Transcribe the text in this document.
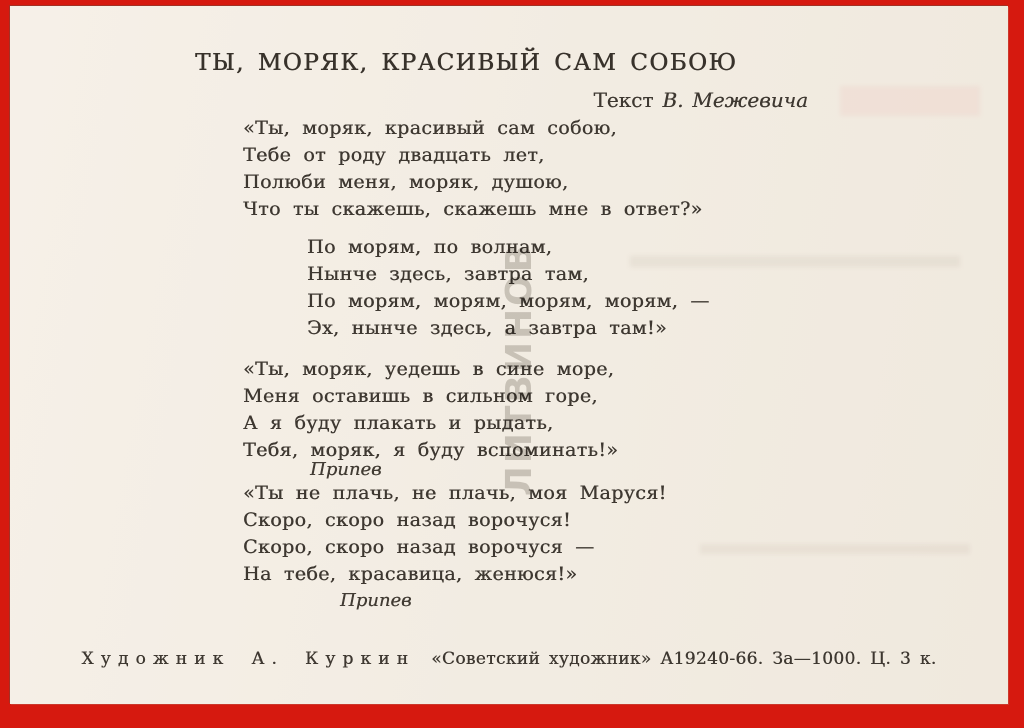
ТЫ, МОРЯК, КРАСИВЫЙ САМ СОБОЮ
Текст В. Межевича
«Ты, моряк, красивый сам собою,
Тебе от роду двадцать лет,
Полюби меня, моряк, душою,
Что ты скажешь, скажешь мне в ответ?»
По морям, по волнам,
Нынче здесь, завтра там,
По морям, морям, морям, морям, —
Эх, нынче здесь, а завтра там!»
«Ты, моряк, уедешь в сине море,
Меня оставишь в сильном горе,
А я буду плакать и рыдать,
Тебя, моряк, я буду вспоминать!»
Припев
«Ты не плачь, не плачь, моя Маруся!
Скоро, скоро назад ворочуся!
Скоро, скоро назад ворочуся —
На тебе, красавица, женюся!»
Припев
Художник А. Куркин «Советский художник» А19240-66. За—1000. Ц. 3 к.
ЛИТВИНОВ
